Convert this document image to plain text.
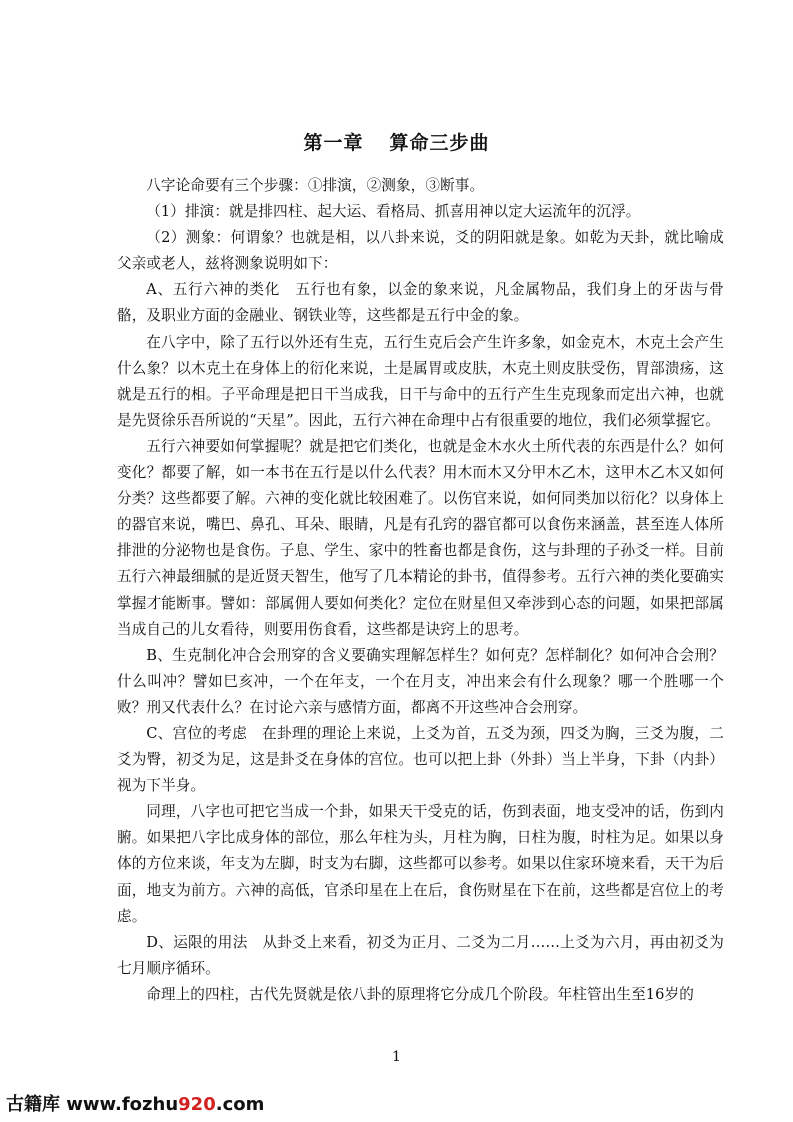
第一章 算命三步曲

八字论命要有三个步骤：①排演，②测象，③断事。

（1）排演：就是排四柱、起大运、看格局、抓喜用神以定大运流年的沉浮。

（2）测象：何谓象？也就是相，以八卦来说，爻的阴阳就是象。如乾为天卦，就比喻成父亲或老人，兹将测象说明如下：

A、五行六神的类化　五行也有象，以金的象来说，凡金属物品，我们身上的牙齿与骨骼，及职业方面的金融业、钢铁业等，这些都是五行中金的象。

在八字中，除了五行以外还有生克，五行生克后会产生许多象，如金克木，木克土会产生什么象？以木克土在身体上的衍化来说，土是属胃或皮肤，木克土则皮肤受伤，胃部溃疡，这就是五行的相。子平命理是把日干当成我，日干与命中的五行产生生克现象而定出六神，也就是先贤徐乐吾所说的“天星”。因此，五行六神在命理中占有很重要的地位，我们必须掌握它。

五行六神要如何掌握呢？就是把它们类化，也就是金木水火土所代表的东西是什么？如何变化？都要了解，如一本书在五行是以什么代表？用木而木又分甲木乙木，这甲木乙木又如何分类？这些都要了解。六神的变化就比较困难了。以伤官来说，如何同类加以衍化？以身体上的器官来说，嘴巴、鼻孔、耳朵、眼睛，凡是有孔窍的器官都可以食伤来涵盖，甚至连人体所排泄的分泌物也是食伤。子息、学生、家中的牲畜也都是食伤，这与卦理的子孙爻一样。目前五行六神最细腻的是近贤天智生，他写了几本精论的卦书，值得参考。五行六神的类化要确实掌握才能断事。譬如：部属佣人要如何类化？定位在财星但又牵涉到心态的问题，如果把部属当成自己的儿女看待，则要用伤食看，这些都是诀窍上的思考。

B、生克制化冲合会刑穿的含义要确实理解怎样生？如何克？怎样制化？如何冲合会刑？什么叫冲？譬如巳亥冲，一个在年支，一个在月支，冲出来会有什么现象？哪一个胜哪一个败？刑又代表什么？在讨论六亲与感情方面，都离不开这些冲合会刑穿。

C、宫位的考虑　在卦理的理论上来说，上爻为首，五爻为颈，四爻为胸，三爻为腹，二爻为臀，初爻为足，这是卦爻在身体的宫位。也可以把上卦（外卦）当上半身，下卦（内卦）视为下半身。

同理，八字也可把它当成一个卦，如果天干受克的话，伤到表面，地支受冲的话，伤到内腑。如果把八字比成身体的部位，那么年柱为头，月柱为胸，日柱为腹，时柱为足。如果以身体的方位来谈，年支为左脚，时支为右脚，这些都可以参考。如果以住家环境来看，天干为后面，地支为前方。六神的高低，官杀印星在上在后，食伤财星在下在前，这些都是宫位上的考虑。

D、运限的用法　从卦爻上来看，初爻为正月、二爻为二月……上爻为六月，再由初爻为七月顺序循环。

命理上的四柱，古代先贤就是依八卦的原理将它分成几个阶段。年柱管出生至16岁的

1
古籍库 www.fozhu920.com
